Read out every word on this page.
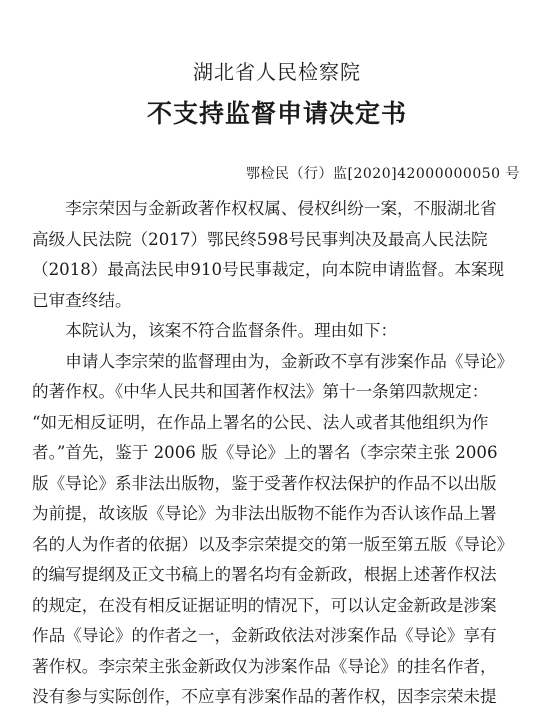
湖北省人民检察院
不支持监督申请决定书
鄂检民（行）监[2020]42000000050 号

李宗荣因与金新政著作权权属、侵权纠纷一案，不服湖北省
高级人民法院（2017）鄂民终598号民事判决及最高人民法院
（2018）最高法民申910号民事裁定，向本院申请监督。本案现
已审查终结。

本院认为，该案不符合监督条件。理由如下：

申请人李宗荣的监督理由为，金新政不享有涉案作品《导论》
的著作权。《中华人民共和国著作权法》第十一条第四款规定：
“如无相反证明，在作品上署名的公民、法人或者其他组织为作
者。”首先，鉴于 2006 版《导论》上的署名（李宗荣主张 2006
版《导论》系非法出版物，鉴于受著作权法保护的作品不以出版
为前提，故该版《导论》为非法出版物不能作为否认该作品上署
名的人为作者的依据）以及李宗荣提交的第一版至第五版《导论》
的编写提纲及正文书稿上的署名均有金新政，根据上述著作权法
的规定，在没有相反证据证明的情况下，可以认定金新政是涉案
作品《导论》的作者之一，金新政依法对涉案作品《导论》享有
著作权。李宗荣主张金新政仅为涉案作品《导论》的挂名作者，
没有参与实际创作，不应享有涉案作品的著作权，因李宗荣未提
